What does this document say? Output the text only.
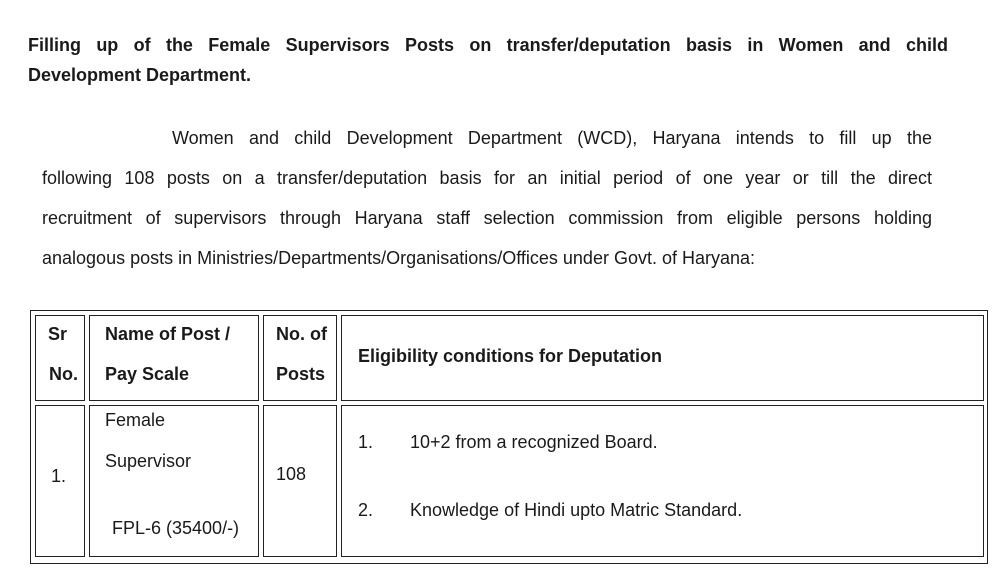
Filling up of the Female Supervisors Posts on transfer/deputation basis in Women and child
Development Department.
Women and child Development Department (WCD), Haryana intends to fill up the
following 108 posts on a transfer/deputation basis for an initial period of one year or till the direct
recruitment of supervisors through Haryana staff selection commission from eligible persons holding
analogous posts in Ministries/Departments/Organisations/Offices under Govt. of Haryana:
Sr
No.
Name of Post /
Pay Scale
No. of
Posts
Eligibility conditions for Deputation
1.
Female
Supervisor
FPL-6 (35400/-)
108
1. 10+2 from a recognized Board.
2. Knowledge of Hindi upto Matric Standard.
